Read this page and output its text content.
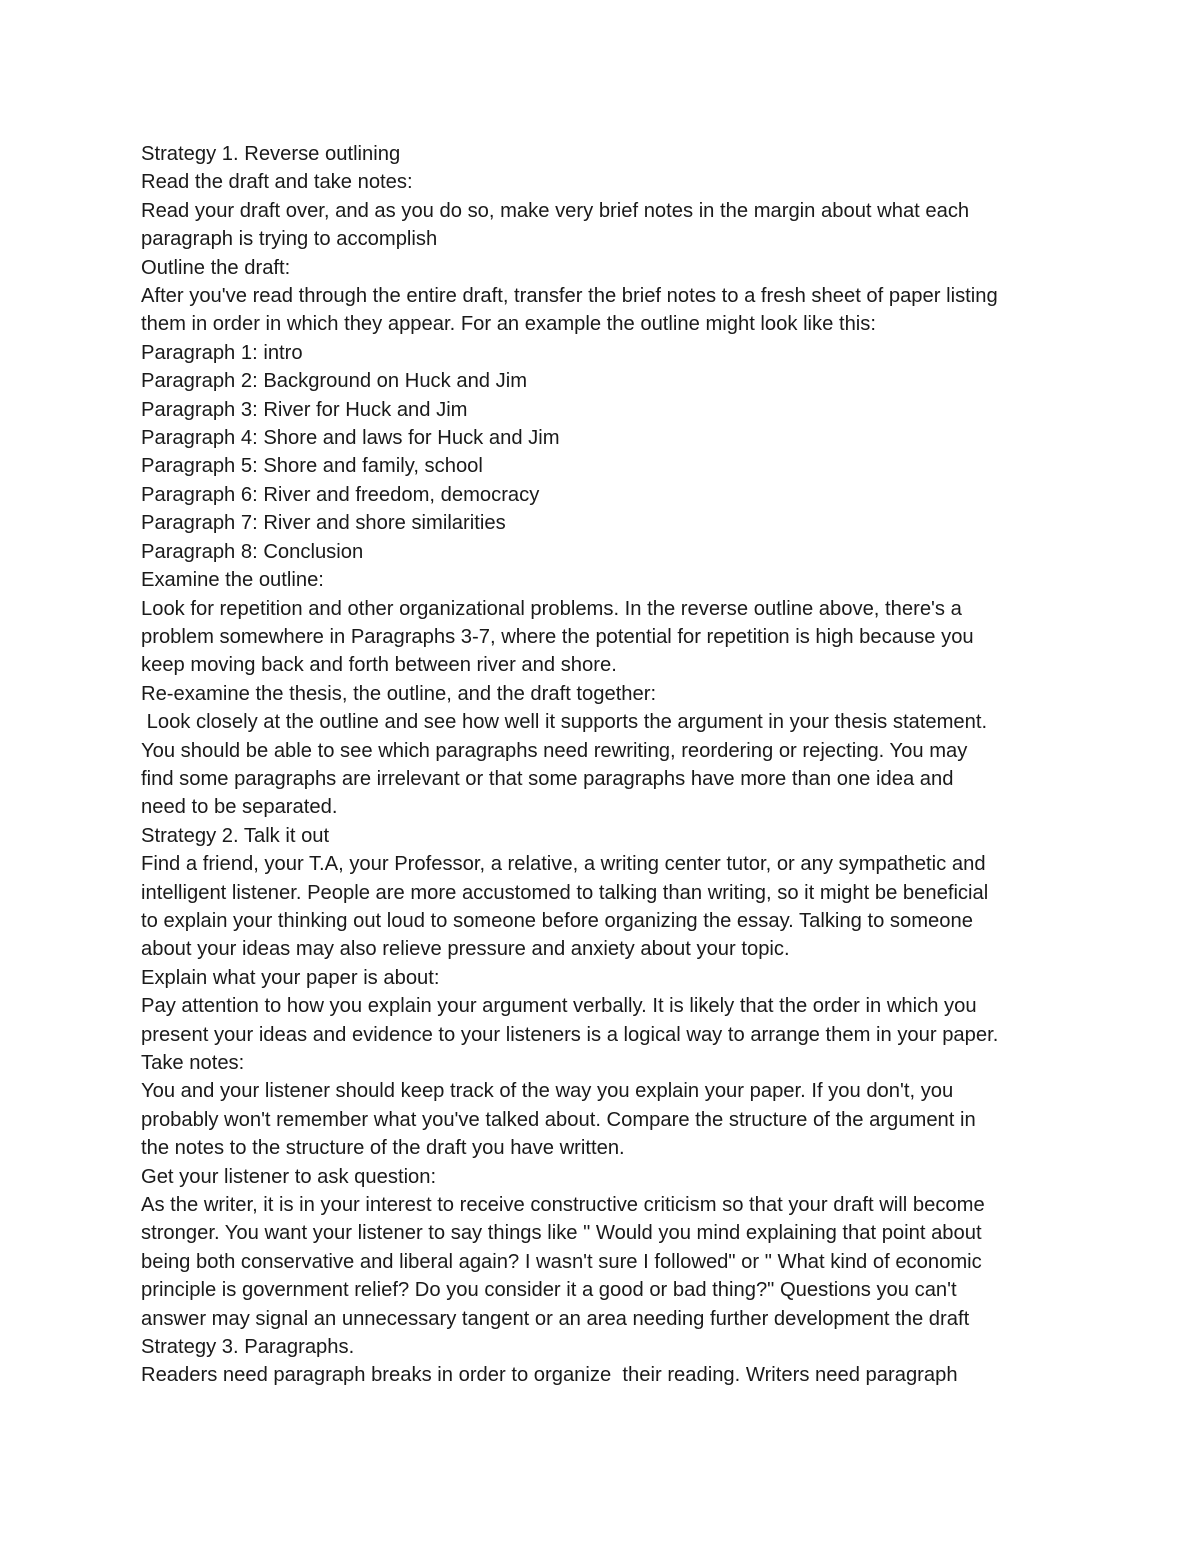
Strategy 1. Reverse outlining
Read the draft and take notes:
Read your draft over, and as you do so, make very brief notes in the margin about what each
paragraph is trying to accomplish
Outline the draft:
After you've read through the entire draft, transfer the brief notes to a fresh sheet of paper listing
them in order in which they appear. For an example the outline might look like this:
Paragraph 1: intro
Paragraph 2: Background on Huck and Jim
Paragraph 3: River for Huck and Jim
Paragraph 4: Shore and laws for Huck and Jim
Paragraph 5: Shore and family, school
Paragraph 6: River and freedom, democracy
Paragraph 7: River and shore similarities
Paragraph 8: Conclusion
Examine the outline:
Look for repetition and other organizational problems. In the reverse outline above, there's a
problem somewhere in Paragraphs 3-7, where the potential for repetition is high because you
keep moving back and forth between river and shore.
Re-examine the thesis, the outline, and the draft together:
Look closely at the outline and see how well it supports the argument in your thesis statement.
You should be able to see which paragraphs need rewriting, reordering or rejecting. You may
find some paragraphs are irrelevant or that some paragraphs have more than one idea and
need to be separated.
Strategy 2. Talk it out
Find a friend, your T.A, your Professor, a relative, a writing center tutor, or any sympathetic and
intelligent listener. People are more accustomed to talking than writing, so it might be beneficial
to explain your thinking out loud to someone before organizing the essay. Talking to someone
about your ideas may also relieve pressure and anxiety about your topic.
Explain what your paper is about:
Pay attention to how you explain your argument verbally. It is likely that the order in which you
present your ideas and evidence to your listeners is a logical way to arrange them in your paper.
Take notes:
You and your listener should keep track of the way you explain your paper. If you don't, you
probably won't remember what you've talked about. Compare the structure of the argument in
the notes to the structure of the draft you have written.
Get your listener to ask question:
As the writer, it is in your interest to receive constructive criticism so that your draft will become
stronger. You want your listener to say things like " Would you mind explaining that point about
being both conservative and liberal again? I wasn't sure I followed" or " What kind of economic
principle is government relief? Do you consider it a good or bad thing?" Questions you can't
answer may signal an unnecessary tangent or an area needing further development the draft
Strategy 3. Paragraphs.
Readers need paragraph breaks in order to organize  their reading. Writers need paragraph
